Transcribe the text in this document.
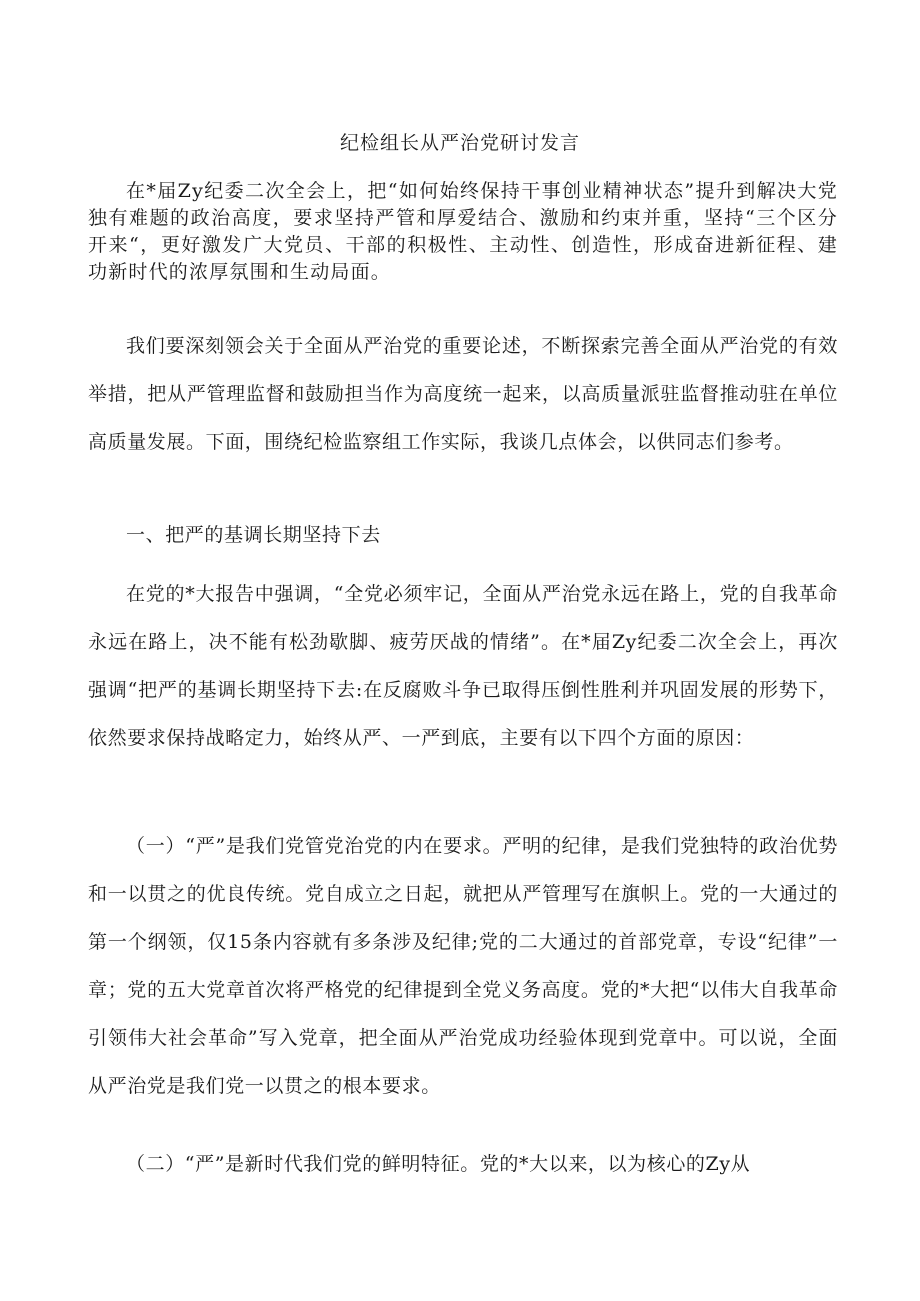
纪检组长从严治党研讨发言

在*届Zy纪委二次全会上，把“如何始终保持干事创业精神状态”提升到解决大党独有难题的政治高度，要求坚持严管和厚爱结合、激励和约束并重，坚持“三个区分开来“，更好激发广大党员、干部的积极性、主动性、创造性，形成奋进新征程、建功新时代的浓厚氛围和生动局面。

我们要深刻领会关于全面从严治党的重要论述，不断探索完善全面从严治党的有效举措，把从严管理监督和鼓励担当作为高度统一起来，以高质量派驻监督推动驻在单位高质量发展。下面，围绕纪检监察组工作实际，我谈几点体会，以供同志们参考。

一、把严的基调长期坚持下去

在党的*大报告中强调，“全党必须牢记，全面从严治党永远在路上，党的自我革命永远在路上，决不能有松劲歇脚、疲劳厌战的情绪”。在*届Zy纪委二次全会上，再次强调“把严的基调长期坚持下去:在反腐败斗争已取得压倒性胜利并巩固发展的形势下，依然要求保持战略定力，始终从严、一严到底，主要有以下四个方面的原因：

（一）“严”是我们党管党治党的内在要求。严明的纪律，是我们党独特的政治优势和一以贯之的优良传统。党自成立之日起，就把从严管理写在旗帜上。党的一大通过的第一个纲领，仅15条内容就有多条涉及纪律;党的二大通过的首部党章，专设“纪律”一章；党的五大党章首次将严格党的纪律提到全党义务高度。党的*大把“以伟大自我革命引领伟大社会革命”写入党章，把全面从严治党成功经验体现到党章中。可以说，全面从严治党是我们党一以贯之的根本要求。

（二）“严”是新时代我们党的鲜明特征。党的*大以来，以为核心的Zy从
